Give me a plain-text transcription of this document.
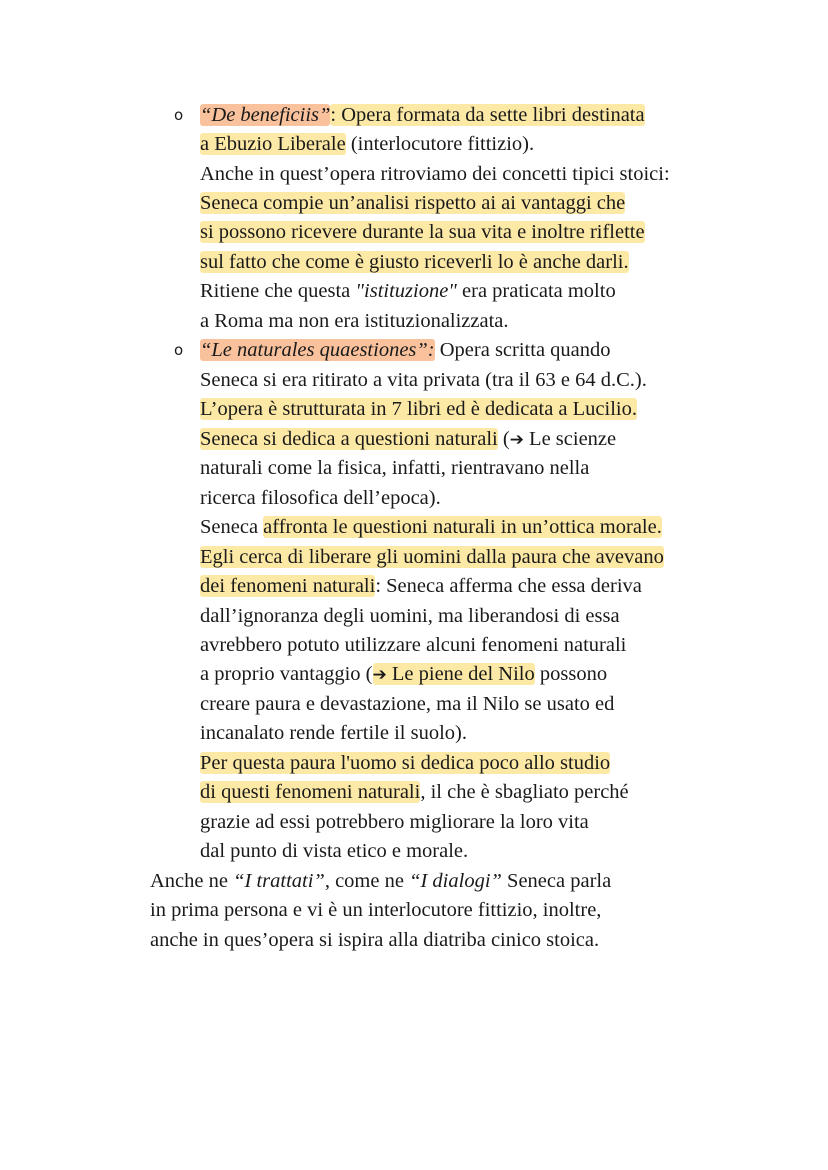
o “De beneficiis”: Opera formata da sette libri destinata
a Ebuzio Liberale (interlocutore fittizio).
Anche in quest’opera ritroviamo dei concetti tipici stoici:
Seneca compie un’analisi rispetto ai ai vantaggi che
si possono ricevere durante la sua vita e inoltre riflette
sul fatto che come è giusto riceverli lo è anche darli.
Ritiene che questa "istituzione" era praticata molto
a Roma ma non era istituzionalizzata.
o “Le naturales quaestiones”: Opera scritta quando
Seneca si era ritirato a vita privata (tra il 63 e 64 d.C.).
L’opera è strutturata in 7 libri ed è dedicata a Lucilio.
Seneca si dedica a questioni naturali (➔ Le scienze
naturali come la fisica, infatti, rientravano nella
ricerca filosofica dell’epoca).
Seneca affronta le questioni naturali in un’ottica morale.
Egli cerca di liberare gli uomini dalla paura che avevano
dei fenomeni naturali: Seneca afferma che essa deriva
dall’ignoranza degli uomini, ma liberandosi di essa
avrebbero potuto utilizzare alcuni fenomeni naturali
a proprio vantaggio (➔ Le piene del Nilo possono
creare paura e devastazione, ma il Nilo se usato ed
incanalato rende fertile il suolo).
Per questa paura l'uomo si dedica poco allo studio
di questi fenomeni naturali, il che è sbagliato perché
grazie ad essi potrebbero migliorare la loro vita
dal punto di vista etico e morale.
Anche ne “I trattati”, come ne “I dialogi” Seneca parla
in prima persona e vi è un interlocutore fittizio, inoltre,
anche in ques’opera si ispira alla diatriba cinico stoica.
